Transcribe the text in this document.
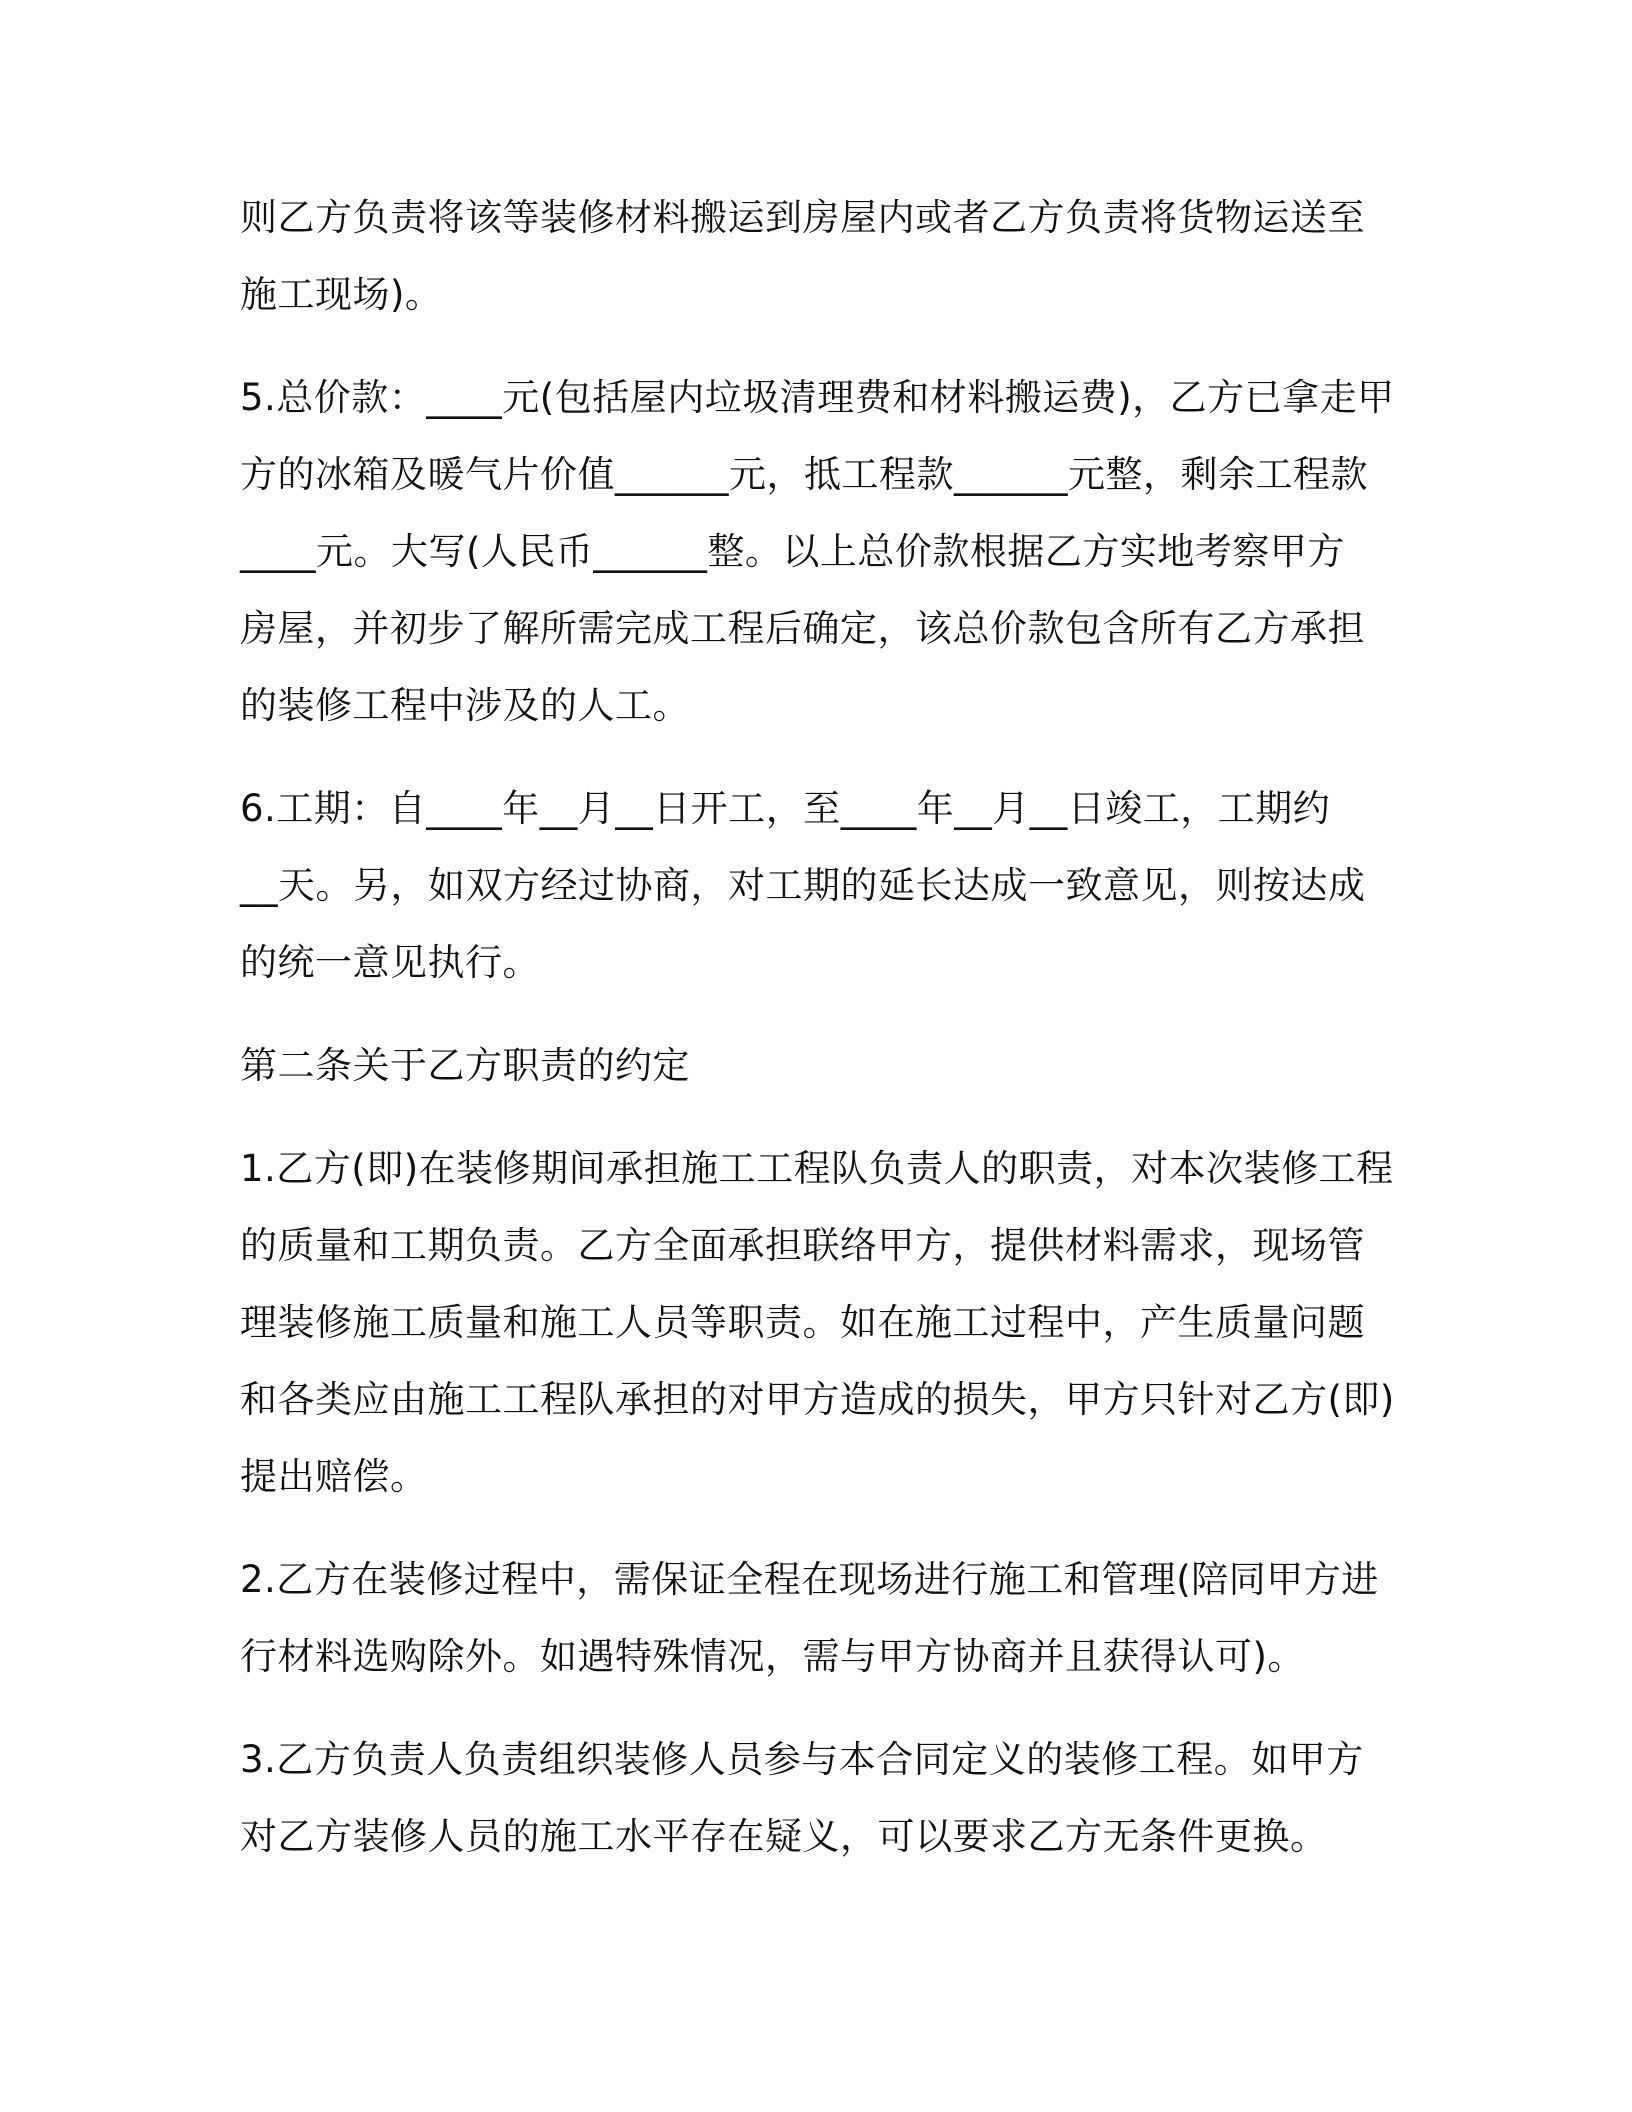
则乙方负责将该等装修材料搬运到房屋内或者乙方负责将货物运送至
施工现场)。
5.总价款：____元(包括屋内垃圾清理费和材料搬运费)，乙方已拿走甲
方的冰箱及暖气片价值______元，抵工程款______元整，剩余工程款
____元。大写(人民币______整。以上总价款根据乙方实地考察甲方
房屋，并初步了解所需完成工程后确定，该总价款包含所有乙方承担
的装修工程中涉及的人工。
6.工期：自____年__月__日开工，至____年__月__日竣工，工期约
__天。另，如双方经过协商，对工期的延长达成一致意见，则按达成
的统一意见执行。
第二条关于乙方职责的约定
1.乙方(即)在装修期间承担施工工程队负责人的职责，对本次装修工程
的质量和工期负责。乙方全面承担联络甲方，提供材料需求，现场管
理装修施工质量和施工人员等职责。如在施工过程中，产生质量问题
和各类应由施工工程队承担的对甲方造成的损失，甲方只针对乙方(即)
提出赔偿。
2.乙方在装修过程中，需保证全程在现场进行施工和管理(陪同甲方进
行材料选购除外。如遇特殊情况，需与甲方协商并且获得认可)。
3.乙方负责人负责组织装修人员参与本合同定义的装修工程。如甲方
对乙方装修人员的施工水平存在疑义，可以要求乙方无条件更换。
